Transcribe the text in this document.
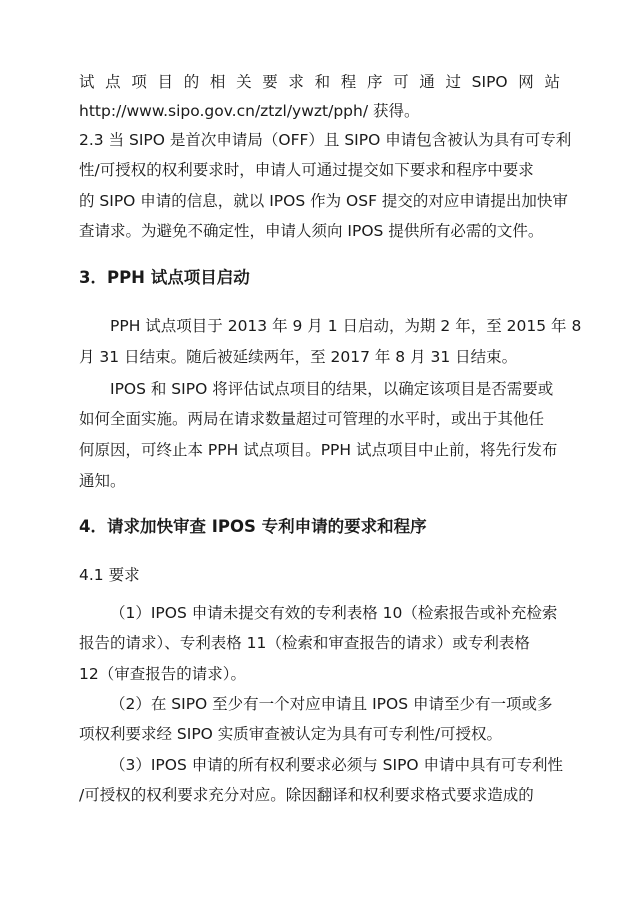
试点项目的相关要求和程序可通过SIPO网站
http://www.sipo.gov.cn/ztzl/ywzt/pph/ 获得。
2.3 当 SIPO 是首次申请局（OFF）且 SIPO 申请包含被认为具有可专利
性/可授权的权利要求时，申请人可通过提交如下要求和程序中要求
的 SIPO 申请的信息，就以 IPOS 作为 OSF 提交的对应申请提出加快审
查请求。为避免不确定性，申请人须向 IPOS 提供所有必需的文件。
3．PPH 试点项目启动
PPH 试点项目于 2013 年 9 月 1 日启动，为期 2 年，至 2015 年 8
月 31 日结束。随后被延续两年，至 2017 年 8 月 31 日结束。
IPOS 和 SIPO 将评估试点项目的结果，以确定该项目是否需要或
如何全面实施。两局在请求数量超过可管理的水平时，或出于其他任
何原因，可终止本 PPH 试点项目。PPH 试点项目中止前，将先行发布
通知。
4．请求加快审查 IPOS 专利申请的要求和程序
4.1 要求
（1）IPOS 申请未提交有效的专利表格 10（检索报告或补充检索
报告的请求）、专利表格 11（检索和审查报告的请求）或专利表格
12（审查报告的请求）。
（2）在 SIPO 至少有一个对应申请且 IPOS 申请至少有一项或多
项权利要求经 SIPO 实质审查被认定为具有可专利性/可授权。
（3）IPOS 申请的所有权利要求必须与 SIPO 申请中具有可专利性
/可授权的权利要求充分对应。除因翻译和权利要求格式要求造成的
